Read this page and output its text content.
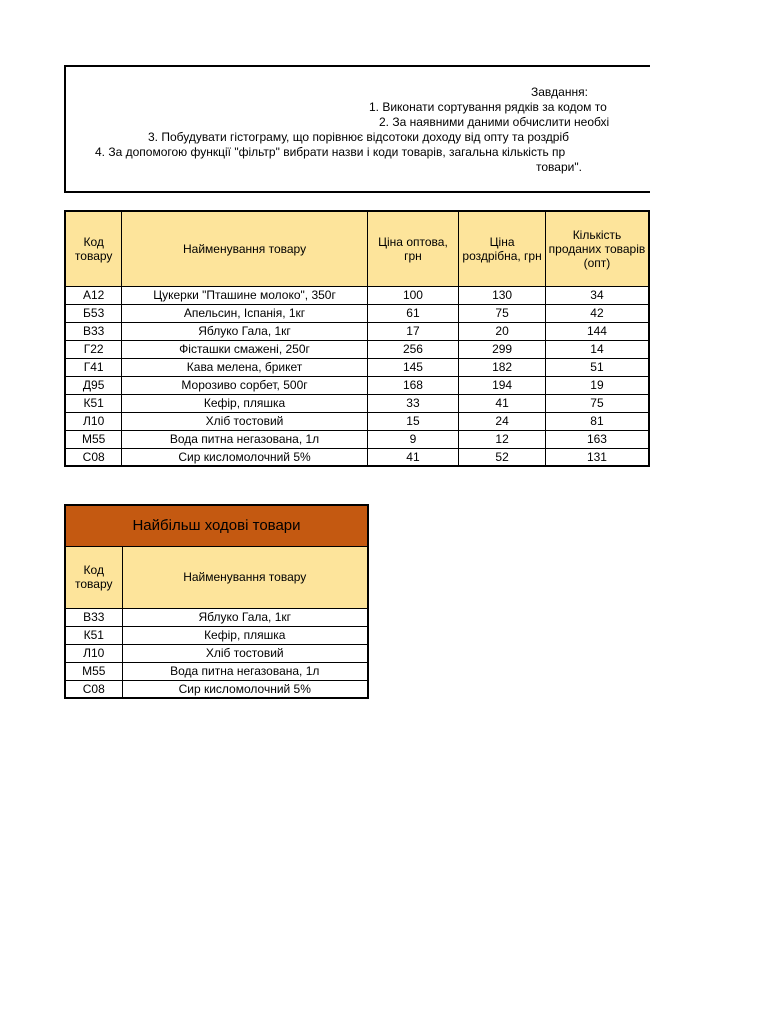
Завдання:
1. Виконати сортування рядків за кодом то
2. За наявними даними обчислити необхі
3. Побудувати гістограму, що порівнює відсотоки доходу від опту та роздріб
4. За допомогою функції "фільтр" вибрати назви і коди товарів, загальна кількість пр
товари".
Код товару	Найменування товару	Ціна оптова, грн	Ціна роздрібна, грн	Кількість проданих товарів (опт)
А12	Цукерки "Пташине молоко", 350г	100	130	34
Б53	Апельсин, Іспанія, 1кг	61	75	42
В33	Яблуко Гала, 1кг	17	20	144
Г22	Фісташки смажені, 250г	256	299	14
Г41	Кава мелена, брикет	145	182	51
Д95	Морозиво сорбет, 500г	168	194	19
К51	Кефір, пляшка	33	41	75
Л10	Хліб тостовий	15	24	81
М55	Вода питна негазована, 1л	9	12	163
С08	Сир кисломолочний 5%	41	52	131
Найбільш ходові товари	
Код товару	Найменування товару
В33	Яблуко Гала, 1кг
К51	Кефір, пляшка
Л10	Хліб тостовий
М55	Вода питна негазована, 1л
С08	Сир кисломолочний 5%
